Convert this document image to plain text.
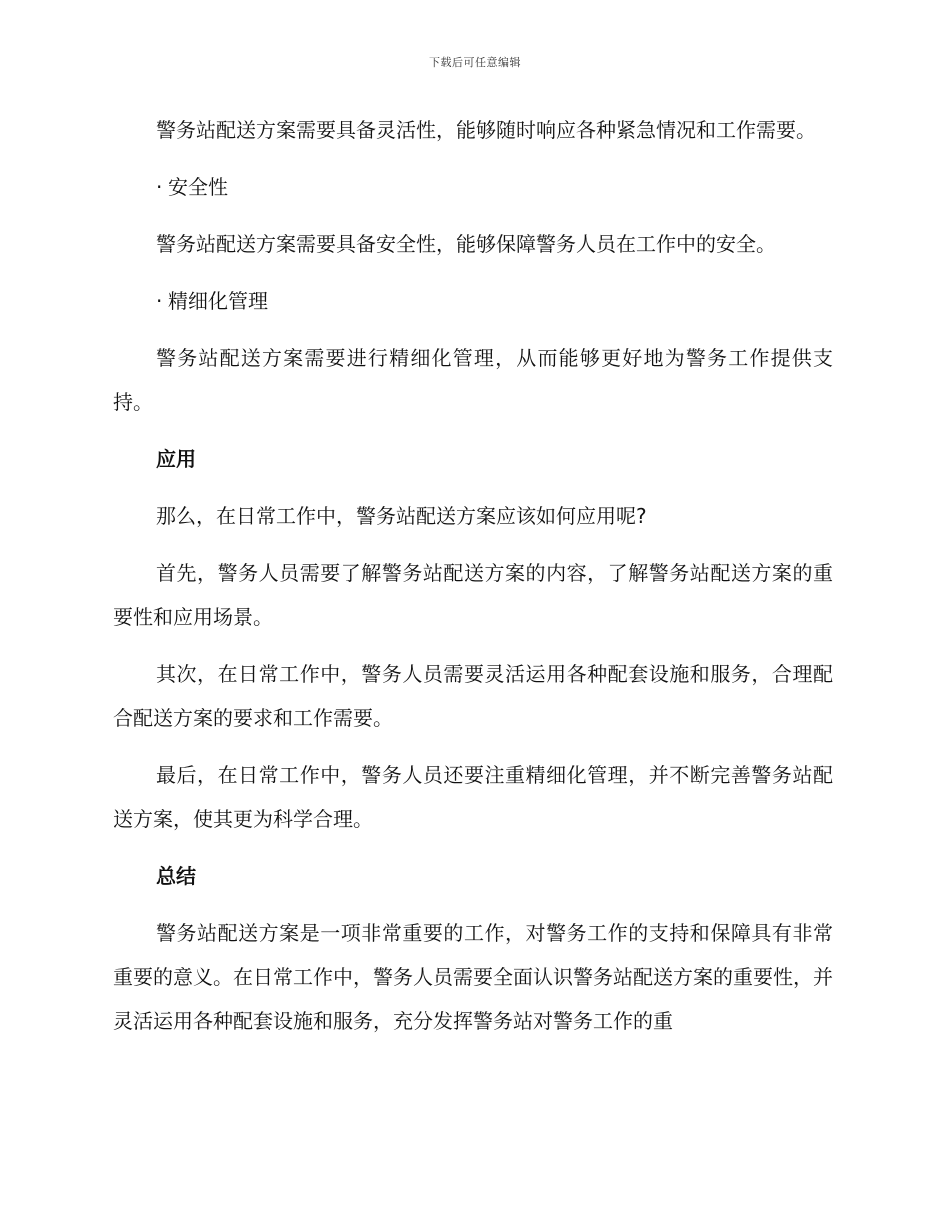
下载后可任意编辑

警务站配送方案需要具备灵活性，能够随时响应各种紧急情况和工作需要。

· 安全性

警务站配送方案需要具备安全性，能够保障警务人员在工作中的安全。

· 精细化管理

警务站配送方案需要进行精细化管理，从而能够更好地为警务工作提供支持。

应用

那么，在日常工作中，警务站配送方案应该如何应用呢?

首先，警务人员需要了解警务站配送方案的内容，了解警务站配送方案的重要性和应用场景。

其次，在日常工作中，警务人员需要灵活运用各种配套设施和服务，合理配合配送方案的要求和工作需要。

最后，在日常工作中，警务人员还要注重精细化管理，并不断完善警务站配送方案，使其更为科学合理。

总结

警务站配送方案是一项非常重要的工作，对警务工作的支持和保障具有非常重要的意义。在日常工作中，警务人员需要全面认识警务站配送方案的重要性，并灵活运用各种配套设施和服务，充分发挥警务站对警务工作的重
